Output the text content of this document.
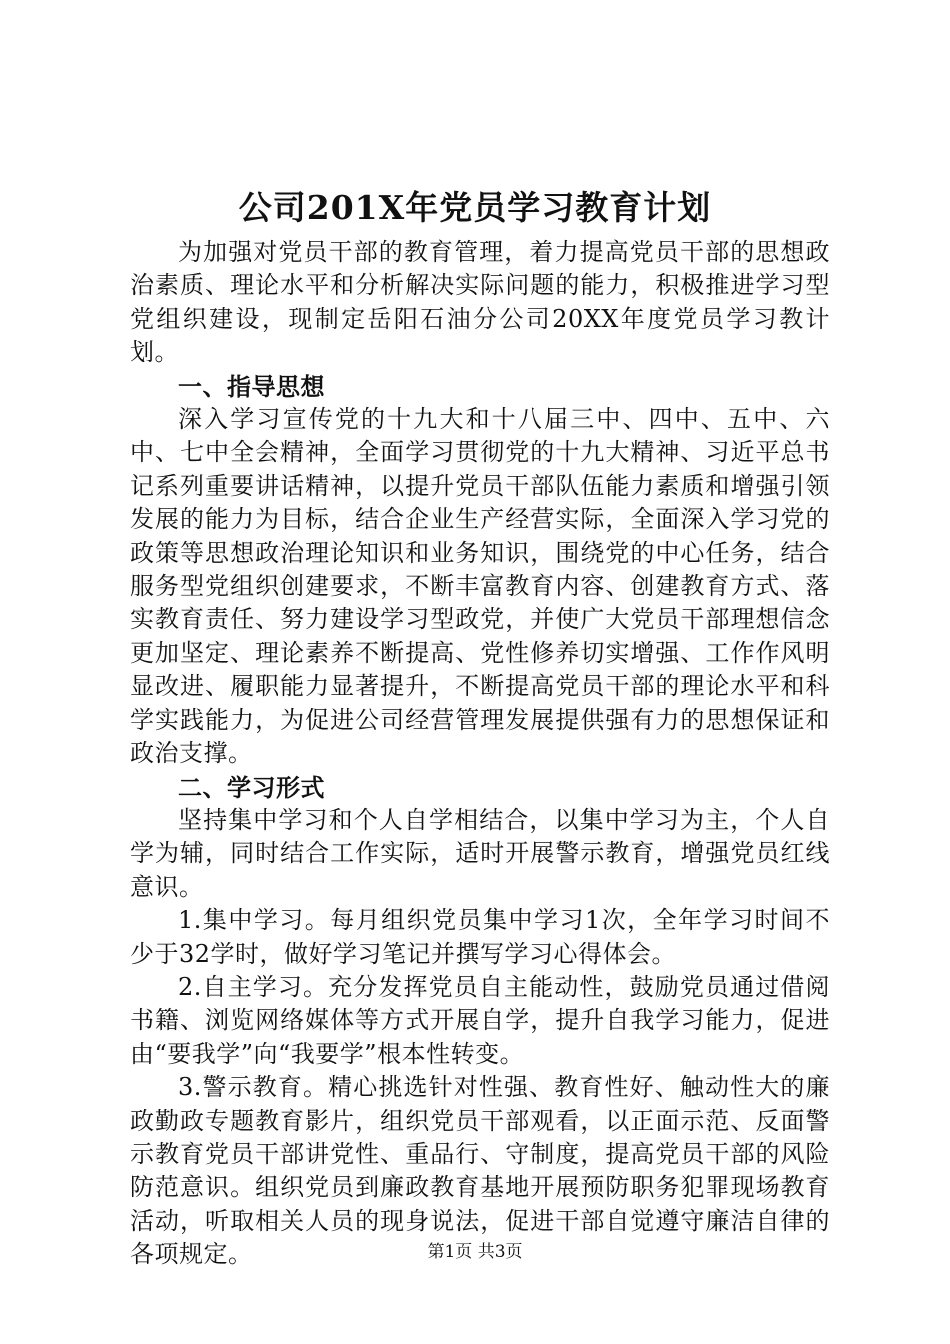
公司201X年党员学习教育计划

为加强对党员干部的教育管理，着力提高党员干部的思想政治素质、理论水平和分析解决实际问题的能力，积极推进学习型党组织建设，现制定岳阳石油分公司20XX年度党员学习教计划。

一、指导思想

深入学习宣传党的十九大和十八届三中、四中、五中、六中、七中全会精神，全面学习贯彻党的十九大精神、习近平总书记系列重要讲话精神，以提升党员干部队伍能力素质和增强引领发展的能力为目标，结合企业生产经营实际，全面深入学习党的政策等思想政治理论知识和业务知识，围绕党的中心任务，结合服务型党组织创建要求，不断丰富教育内容、创建教育方式、落实教育责任、努力建设学习型政党，并使广大党员干部理想信念更加坚定、理论素养不断提高、党性修养切实增强、工作作风明显改进、履职能力显著提升，不断提高党员干部的理论水平和科学实践能力，为促进公司经营管理发展提供强有力的思想保证和政治支撑。

二、学习形式

坚持集中学习和个人自学相结合，以集中学习为主，个人自学为辅，同时结合工作实际，适时开展警示教育，增强党员红线意识。

1.集中学习。每月组织党员集中学习1次，全年学习时间不少于32学时，做好学习笔记并撰写学习心得体会。

2.自主学习。充分发挥党员自主能动性，鼓励党员通过借阅书籍、浏览网络媒体等方式开展自学，提升自我学习能力，促进由“要我学”向“我要学”根本性转变。

3.警示教育。精心挑选针对性强、教育性好、触动性大的廉政勤政专题教育影片，组织党员干部观看，以正面示范、反面警示教育党员干部讲党性、重品行、守制度，提高党员干部的风险防范意识。组织党员到廉政教育基地开展预防职务犯罪现场教育活动，听取相关人员的现身说法，促进干部自觉遵守廉洁自律的各项规定。	第1页 共3页
